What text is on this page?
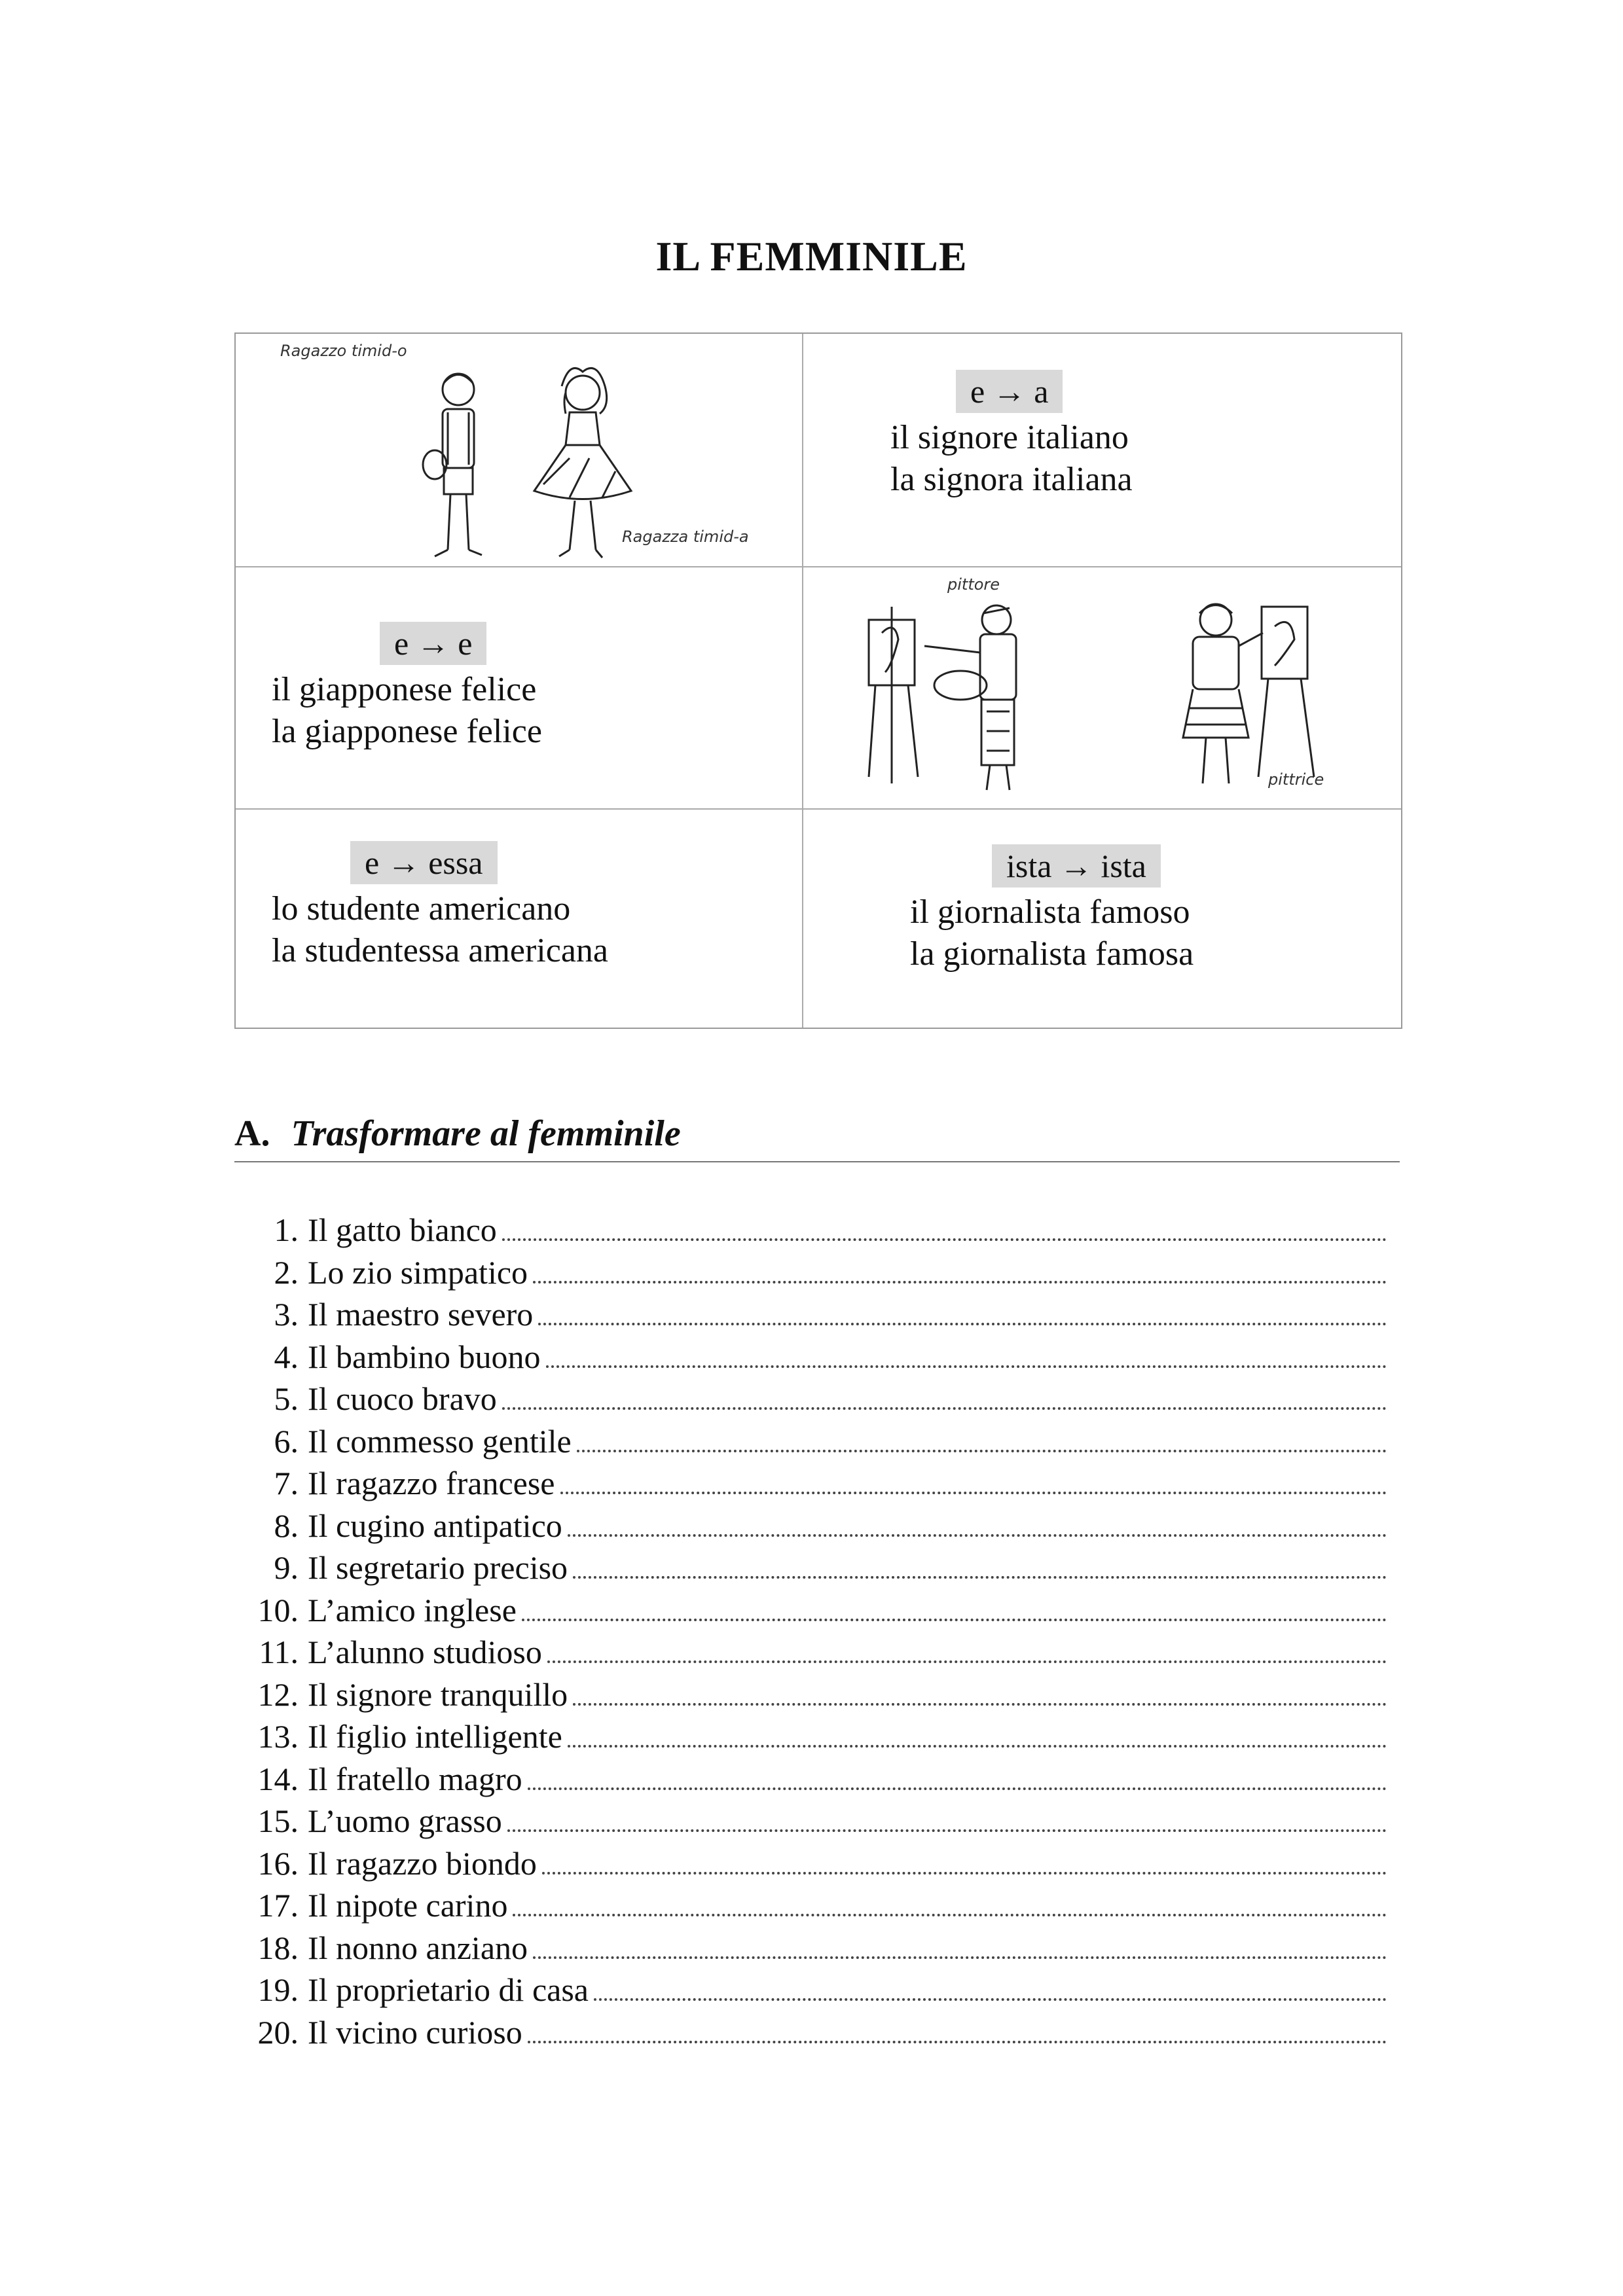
IL FEMMINILE
Ragazzo timid-o
Ragazza timid-a
e → a
il signore italiano
la signora italiana
e → e
il giapponese felice
la giapponese felice
pittore
pittrice
e → essa
lo studente americano
la studentessa americana
ista → ista
il giornalista famoso
la giornalista famosa
A. Trasformare al femminile
1. Il gatto bianco
2. Lo zio simpatico
3. Il maestro severo
4. Il bambino buono
5. Il cuoco bravo
6. Il commesso gentile
7. Il ragazzo francese
8. Il cugino antipatico
9. Il segretario preciso
10. L’amico inglese
11. L’alunno studioso
12. Il signore tranquillo
13. Il figlio intelligente
14. Il fratello magro
15. L’uomo grasso
16. Il ragazzo biondo
17. Il nipote carino
18. Il nonno anziano
19. Il proprietario di casa
20. Il vicino curioso
